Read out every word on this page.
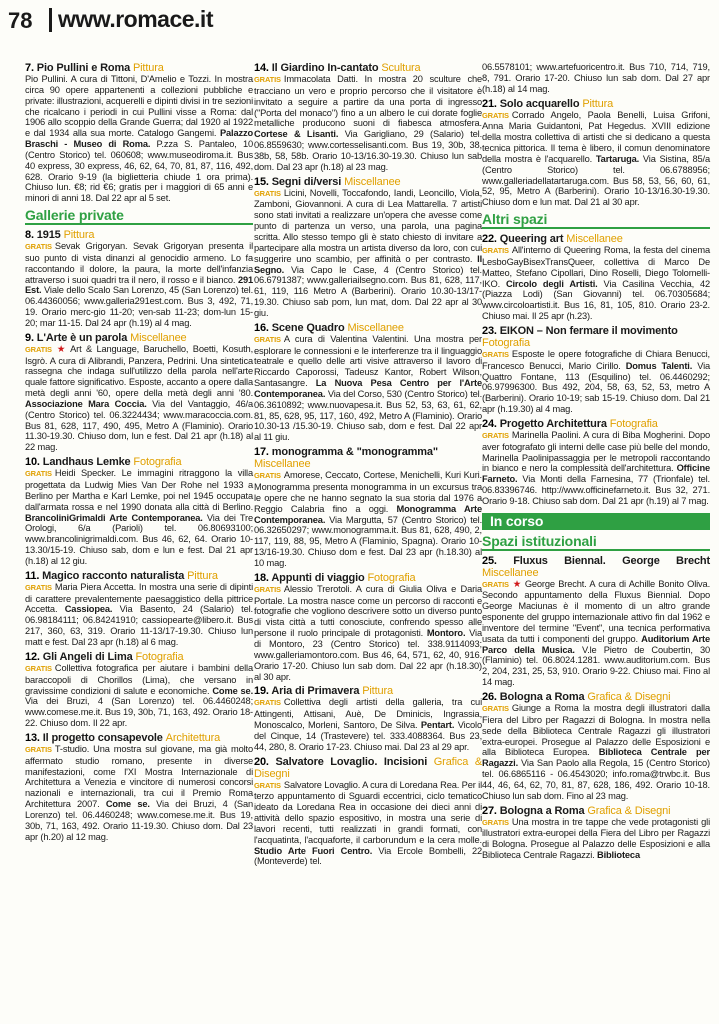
78 www.romace.it

7. Pio Pullini e Roma Pittura
Pio Pullini. A cura di Tittoni, D'Amelio e Tozzi. In mostra circa 90 opere appartenenti a collezioni pubbliche e private: illustrazioni, acquerelli e dipinti divisi in tre sezioni che ricalcano i periodi in cui Pullini visse a Roma: dal 1906 allo scoppio della Grande Guerra; dal 1920 al 1922 e dal 1934 alla sua morte. Catalogo Gangemi. Palazzo Braschi - Museo di Roma. P.zza S. Pantaleo, 10 (Centro Storico) tel. 060608; www.museodiroma.it. Bus 40 express, 30 express, 46, 62, 64, 70, 81, 87, 116, 492, 628. Orario 9-19 (la biglietteria chiude 1 ora prima). Chiuso lun. €8; rid €6; gratis per i maggiori di 65 anni e minori di anni 18. Dal 22 apr al 5 set.

Gallerie private

8. 1915 Pittura
GRATIS Sevak Grigoryan. Sevak Grigoryan presenta il suo punto di vista dinanzi al genocidio armeno. Lo fa raccontando il dolore, la paura, la morte dell'infanzia attraverso i suoi quadri tra il nero, il rosso e il bianco. 291 Est. Viale dello Scalo San Lorenzo, 45 (San Lorenzo) tel. 06.44360056; www.galleria291est.com. Bus 3, 492, 71, 19. Orario merc-gio 11-20; ven-sab 11-23; dom-lun 15-20; mar 11-15. Dal 24 apr (h.19) al 4 mag.

9. L'Arte è un parola Miscellanee
GRATIS ★ Art & Language, Baruchello, Boetti, Kosuth, Isgrò. A cura di Alibrandi, Panzera, Pedrini. Una sintetica rassegna che indaga sull'utilizzo della parola nell'arte quale fattore significativo. Esposte, accanto a opere dalla metà degli anni '60, opere della metà degli anni '80. Associazione Mara Coccia. Via del Vantaggio, 46/a (Centro Storico) tel. 06.3224434; www.maracoccia.com. Bus 81, 628, 117, 490, 495, Metro A (Flaminio). Orario 11.30-19.30. Chiuso dom, lun e fest. Dal 21 apr (h.18) al 22 mag.

10. Landhaus Lemke Fotografia
GRATIS Heidi Specker. Le immagini ritraggono la villa progettata da Ludwig Mies Van Der Rohe nel 1933 a Berlino per Martha e Karl Lemke, poi nel 1945 occupata dall'armata rossa e nel 1990 donata alla città di Berlino. BrancoliniGrimaldi Arte Contemporanea. Via dei Tre Orologi, 6/a (Parioli) tel. 06.80693100; www.brancolinigrimaldi.com. Bus 46, 62, 64. Orario 10-13.30/15-19. Chiuso sab, dom e lun e fest. Dal 21 apr (h.18) al 12 giu.

11. Magico racconto naturalista Pittura
GRATIS Maria Piera Accetta. In mostra una serie di dipinti di carattere prevalentemente paesaggistico della pittrice Accetta. Cassiopea. Via Basento, 24 (Salario) tel. 06.98184111; 06.84241910; cassiopearte@libero.it. Bus 217, 360, 63, 319. Orario 11-13/17-19.30. Chiuso lun matt e fest. Dal 23 apr (h.18) al 6 mag.

12. Gli Angeli di Lima Fotografia
GRATIS Collettiva fotografica per aiutare i bambini della baraccopoli di Chorillos (Lima), che versano in gravissime condizioni di salute e economiche. Come se. Via dei Bruzi, 4 (San Lorenzo) tel. 06.4460248; www.comese.me.it. Bus 19, 30b, 71, 163, 492. Orario 18-22. Chiuso dom. Il 22 apr.

13. Il progetto consapevole Architettura
GRATIS T-studio. Una mostra sul giovane, ma già molto affermato studio romano, presente in diverse manifestazioni, come l'XI Mostra Internazionale di Architettura a Venezia e vincitore di numerosi concorsi nazionali e internazionali, tra cui il Premio Roma Architettura 2007. Come se. Via dei Bruzi, 4 (San Lorenzo) tel. 06.4460248; www.comese.me.it. Bus 19, 30b, 71, 163, 492. Orario 11-19.30. Chiuso dom. Dal 23 apr (h.20) al 12 mag.

14. Il Giardino In-cantato Scultura
GRATIS Immacolata Datti. In mostra 20 sculture che tracciano un vero e proprio percorso che il visitatore è invitato a seguire a partire da una porta di ingresso ("Porta del monaco") fino a un albero le cui dorate foglie metalliche producono suoni di fiabesca atmosfera. Cortese & Lisanti. Via Garigliano, 29 (Salario) tel. 06.8559630; www.cortesselisanti.com. Bus 19, 30b, 38, 38b, 58, 58b. Orario 10-13/16.30-19.30. Chiuso lun sab dom. Dal 23 apr (h.18) al 23 mag.

15. Segni di/versi Miscellanee
GRATIS Licini, Novelli, Toccafondo, Iandi, Leoncillo, Viola, Zamboni, Giovannoni. A cura di Lea Mattarella. 7 artisti sono stati invitati a realizzare un'opera che avesse come punto di partenza un verso, una parola, una pagina scritta. Allo stesso tempo gli è stato chiesto di invitare a partecipare alla mostra un artista diverso da loro, con cui suggerire uno scambio, per affinità o per contrasto. Il Segno. Via Capo le Case, 4 (Centro Storico) tel. 06.6791387; www.galleriailsegno.com. Bus 81, 628, 117, 61, 119, 116 Metro A (Barberini). Orario 10.30-13/17-19.30. Chiuso sab pom, lun mat, dom. Dal 22 apr al 30 giu.

16. Scene Quadro Miscellanee
GRATIS A cura di Valentina Valentini. Una mostra per esplorare le connessioni e le interferenze tra il linguaggio teatrale e quello delle arti visive attraverso il lavoro di Riccardo Caporossi, Tadeusz Kantor, Robert Wilson, Santasangre. La Nuova Pesa Centro per l'Arte Contemporanea. Via del Corso, 530 (Centro Storico) tel. 06.3610892; www.nuovapesa.it. Bus 52, 53, 63, 61, 62, 81, 85, 628, 95, 117, 160, 492, Metro A (Flaminio). Orario 10.30-13 /15.30-19. Chiuso sab, dom e fest. Dal 22 apr al 11 giu.

17. monogramma & "monogramma"
Miscellanee
GRATIS Amorese, Ceccato, Cortese, Menichelli, Kuri Kuri. Monogramma presenta monogramma in un excursus tra le opere che ne hanno segnato la sua storia dal 1976 a Reggio Calabria fino a oggi. Monogramma Arte Contemporanea. Via Margutta, 57 (Centro Storico) tel. 06.32650297; www.monogramma.it. Bus 81, 628, 490, 2, 117, 119, 88, 95, Metro A (Flaminio, Spagna). Orario 10-13/16-19.30. Chiuso dom e fest. Dal 23 apr (h.18.30) al 10 mag.

18. Appunti di viaggio Fotografia
GRATIS Alessio Trerotoli. A cura di Giulia Oliva e Daria Portale. La mostra nasce come un percorso di racconti e fotografie che vogliono descrivere sotto un diverso punto di vista città a tutti conosciute, confrendo spesso alle persone il ruolo principale di protagonisti. Montoro. Via di Montoro, 23 (Centro Storico) tel. 338.9114093; www.galleriamontoro.com. Bus 46, 64, 571, 62, 40, 916. Orario 17-20. Chiuso lun sab dom. Dal 22 apr (h.18.30) al 30 apr.

19. Aria di Primavera Pittura
GRATIS Collettiva degli artisti della galleria, tra cui Attingenti, Attisani, Auè, De Dminicis, Ingrassia, Monoscalco, Morleni, Santoro, De Silva. Pentart. Vicolo del Cinque, 14 (Trastevere) tel. 333.4088364. Bus 23, 44, 280, 8. Orario 17-23. Chiuso mai. Dal 23 al 29 apr.

20. Salvatore Lovaglio. Incisioni Grafica & Disegni
GRATIS Salvatore Lovaglio. A cura di Loredana Rea. Per il terzo appuntamento di Sguardi eccentrici, ciclo tematico ideato da Loredana Rea in occasione dei dieci anni di attività dello spazio espositivo, in mostra una serie di lavori recenti, tutti realizzati in grandi formati, con l'acquatinta, l'acquaforte, il carborundum e la cera molle. Studio Arte Fuori Centro. Via Ercole Bombelli, 22 (Monteverde) tel.

06.5578101; www.artefuoricentro.it. Bus 710, 714, 719, 8, 791. Orario 17-20. Chiuso lun sab dom. Dal 27 apr (h.18) al 14 mag.

21. Solo acquarello Pittura
GRATIS Corrado Angelo, Paola Benelli, Luisa Grifoni, Anna Maria Guidantoni, Pat Hegedus. XVIII edizione della mostra collettiva di artisti che si dedicano a questa tecnica pittorica. Il tema è libero, il comun denominatore della mostra è l'acquarello. Tartaruga. Via Sistina, 85/a (Centro Storico) tel. 06.6788956; www.galleriadellatartaruga.com. Bus 58, 53, 56, 60, 61, 52, 95, Metro A (Barberini). Orario 10-13/16.30-19.30. Chiuso dom e lun mat. Dal 21 al 30 apr.

Altri spazi

22. Queering art Miscellanee
GRATIS All'interno di Queering Roma, la festa del cinema LesboGayBisexTransQueer, collettiva di Marco De Matteo, Stefano Cipollari, Dino Roselli, Diego Tolomelli-IKO. Circolo degli Artisti. Via Casilina Vecchia, 42 (Piazza Lodi) (San Giovanni) tel. 06.70305684; www.circoloartisti.it. Bus 16, 81, 105, 810. Orario 23-2. Chiuso mai. Il 25 apr (h.23).

23. EIKON – Non fermare il movimento
Fotografia
GRATIS Esposte le opere fotografiche di Chiara Benucci, Francesco Benucci, Mario Cirillo. Domus Talenti. Via Quattro Fontane, 113 (Esquilino) tel. 06.4460292; 06.97996300. Bus 492, 204, 58, 63, 52, 53, metro A (Barberini). Orario 10-19; sab 15-19. Chiuso dom. Dal 21 apr (h.19.30) al 4 mag.

24. Progetto Architettura Fotografia
GRATIS Marinella Paolini. A cura di Biba Mogherini. Dopo aver fotografato gli interni delle case più belle del mondo, Marinella Paolinipassaggia per le metropoli raccontando in bianco e nero la complessità dell'architettura. Officine Farneto. Via Monti della Farnesina, 77 (Trionfale) tel. 06.83396746. http://www.officinefarneto.it. Bus 32, 271. Orario 9-18. Chiuso sab dom. Dal 21 apr (h.19) al 7 mag.

In corso
Spazi istituzionali

25. Fluxus Biennal. George Brecht Miscellanee
GRATIS ★ George Brecht. A cura di Achille Bonito Oliva. Secondo appuntamento della Fluxus Biennial. Dopo George Maciunas è il momento di un altro grande esponente del gruppo internazionale attivo fin dal 1962 e inventore del termine "Event", una tecnica performativa usata da tutti i componenti del gruppo. Auditorium Arte Parco della Musica. V.le Pietro de Coubertin, 30 (Flaminio) tel. 06.8024.1281. www.auditorium.com. Bus 2, 204, 231, 25, 53, 910. Orario 9-22. Chiuso mai. Fino al 14 mag.

26. Bologna a Roma Grafica & Disegni
GRATIS Giunge a Roma la mostra degli illustratori dalla Fiera del Libro per Ragazzi di Bologna. In mostra nella sede della Biblioteca Centrale Ragazzi gli illustratori extra-europei. Prosegue al Palazzo delle Esposizioni e alla Biblioteca Europea. Biblioteca Centrale per Ragazzi. Via San Paolo alla Regola, 15 (Centro Storico) tel. 06.6865116 - 06.4543020; info.roma@trwbc.it. Bus 44, 46, 64, 62, 70, 81, 87, 628, 186, 492. Orario 10-18. Chiuso lun sab dom. Fino al 23 mag.

27. Bologna a Roma Grafica & Disegni
GRATIS Una mostra in tre tappe che vede protagonisti gli illustratori extra-europei della Fiera del Libro per Ragazzi di Bologna. Prosegue al Palazzo delle Esposizioni e alla Biblioteca Centrale Ragazzi. Biblioteca
